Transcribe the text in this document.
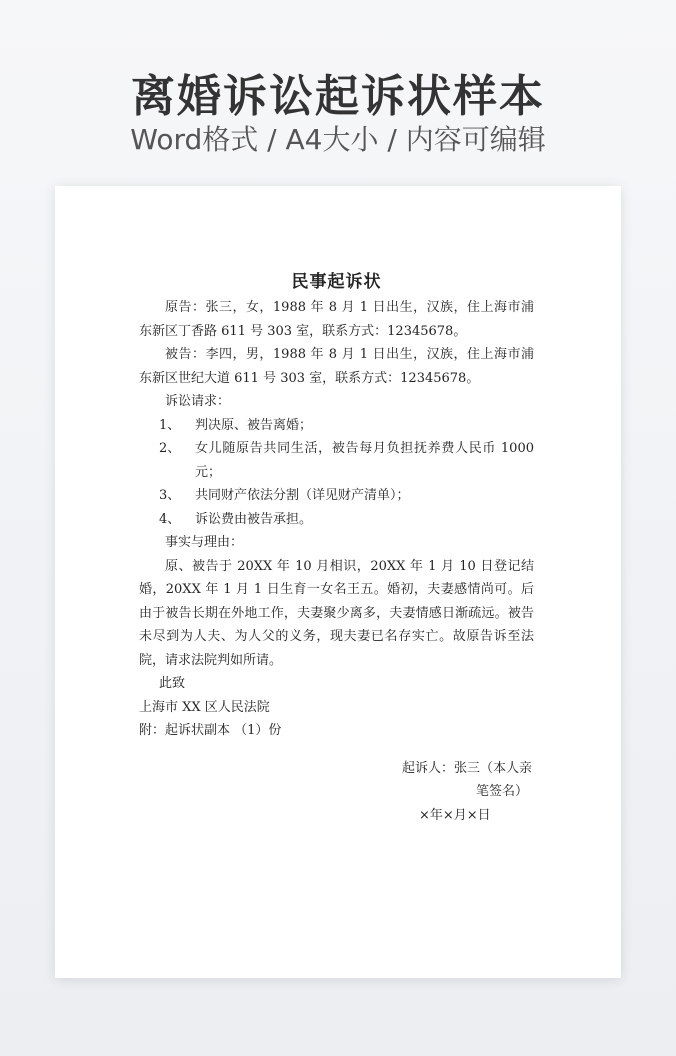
离婚诉讼起诉状样本
Word格式 / A4大小 / 内容可编辑
民事起诉状
原告：张三，女，1988 年 8 月 1 日出生，汉族，住上海市浦东新区丁香路 611 号 303 室，联系方式：12345678。
被告：李四，男，1988 年 8 月 1 日出生，汉族，住上海市浦东新区世纪大道 611 号 303 室，联系方式：12345678。
诉讼请求：
1、	判决原、被告离婚；
2、	女儿随原告共同生活，被告每月负担抚养费人民币 1000 元；
3、	共同财产依法分割（详见财产清单）；
4、	诉讼费由被告承担。
事实与理由：
原、被告于 20XX 年 10 月相识，20XX 年 1 月 10 日登记结婚，20XX 年 1 月 1 日生育一女名王五。婚初，夫妻感情尚可。后由于被告长期在外地工作，夫妻聚少离多，夫妻情感日渐疏远。被告未尽到为人夫、为人父的义务，现夫妻已名存实亡。故原告诉至法院，请求法院判如所请。
此致
上海市 XX 区人民法院
附：起诉状副本 （1）份
起诉人：张三（本人亲
笔签名）
×年×月×日
